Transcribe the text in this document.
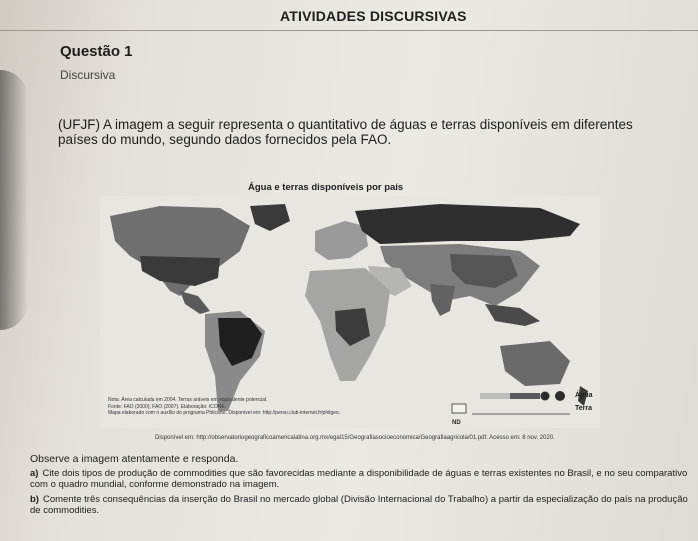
ATIVIDADES DISCURSIVAS
Questão 1
Discursiva
(UFJF) A imagem a seguir representa o quantitativo de águas e terras disponíveis em diferentes países do mundo, segundo dados fornecidos pela FAO.
Água e terras disponíveis por país
Nota: Área calculada em 2004. Terras aráveis em equivalente potencial.
Fonte: FAO (2000); FAO (2007). Elaboração: ICONE.
Mapa elaborado com o auxílio do programa Philcarto. Disponível em: http://perso.club-internet.fr/philgeo.
ND
Água
Terra
Disponível em: http://observatoriogeograficoamericalatina.org.mx/egal15/Geografiasocioeconomica/Geografiaagricola/01.pdf. Acesso em: 8 nov. 2020.
Observe a imagem atentamente e responda.
a) Cite dois tipos de produção de commodities que são favorecidas mediante a disponibilidade de águas e terras existentes no Brasil, e no seu comparativo com o quadro mundial, conforme demonstrado na imagem.
b) Comente três consequências da inserção do Brasil no mercado global (Divisão Internacional do Trabalho) a partir da especialização do país na produção de commodities.
